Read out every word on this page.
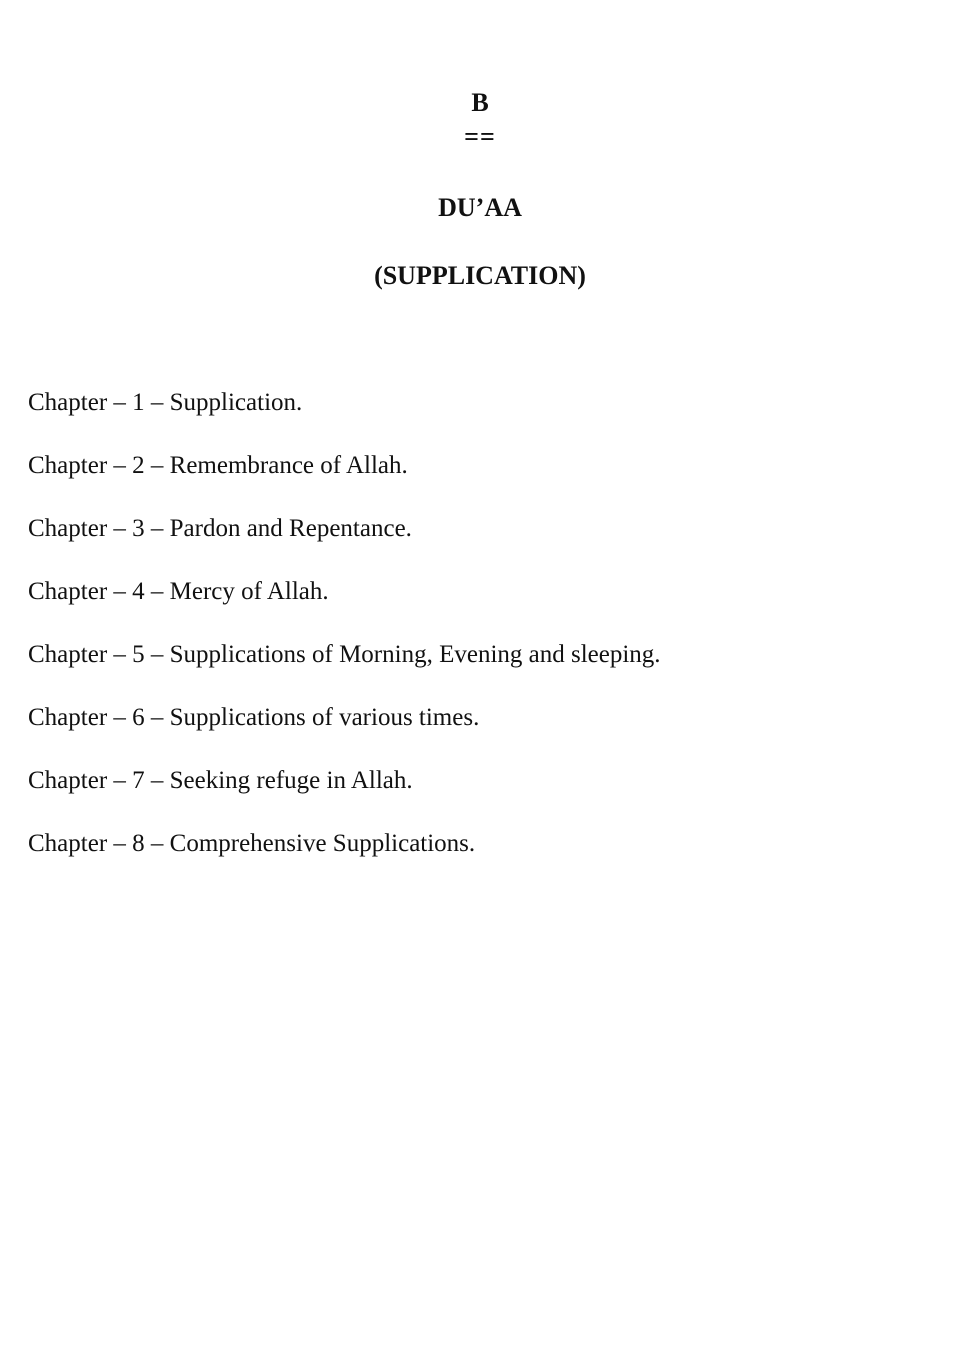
B
==
DU’AA
(SUPPLICATION)
Chapter – 1 – Supplication.
Chapter – 2 – Remembrance of Allah.
Chapter – 3 – Pardon and Repentance.
Chapter – 4 – Mercy of Allah.
Chapter – 5 – Supplications of Morning, Evening and sleeping.
Chapter – 6 – Supplications of various times.
Chapter – 7 – Seeking refuge in Allah.
Chapter – 8 – Comprehensive Supplications.
